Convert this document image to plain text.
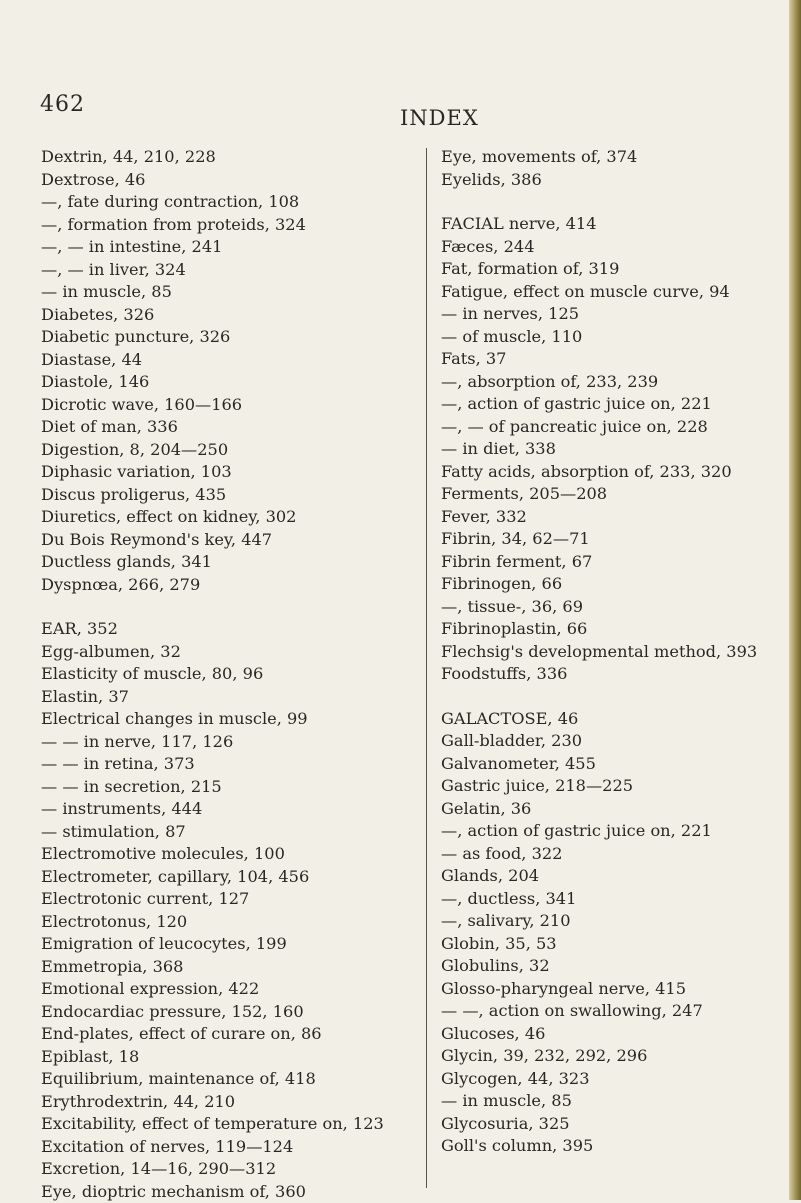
462
INDEX
Dextrin, 44, 210, 228
Dextrose, 46
—, fate during contraction, 108
—, formation from proteids, 324
—, — in intestine, 241
—, — in liver, 324
— in muscle, 85
Diabetes, 326
Diabetic puncture, 326
Diastase, 44
Diastole, 146
Dicrotic wave, 160—166
Diet of man, 336
Digestion, 8, 204—250
Diphasic variation, 103
Discus proligerus, 435
Diuretics, effect on kidney, 302
Du Bois Reymond's key, 447
Ductless glands, 341
Dyspnœa, 266, 279
EAR, 352
Egg-albumen, 32
Elasticity of muscle, 80, 96
Elastin, 37
Electrical changes in muscle, 99
— — in nerve, 117, 126
— — in retina, 373
— — in secretion, 215
— instruments, 444
— stimulation, 87
Electromotive molecules, 100
Electrometer, capillary, 104, 456
Electrotonic current, 127
Electrotonus, 120
Emigration of leucocytes, 199
Emmetropia, 368
Emotional expression, 422
Endocardiac pressure, 152, 160
End-plates, effect of curare on, 86
Epiblast, 18
Equilibrium, maintenance of, 418
Erythrodextrin, 44, 210
Excitability, effect of temperature on, 123
Excitation of nerves, 119—124
Excretion, 14—16, 290—312
Eye, dioptric mechanism of, 360
Eye, movements of, 374
Eyelids, 386
FACIAL nerve, 414
Fæces, 244
Fat, formation of, 319
Fatigue, effect on muscle curve, 94
— in nerves, 125
— of muscle, 110
Fats, 37
—, absorption of, 233, 239
—, action of gastric juice on, 221
—, — of pancreatic juice on, 228
— in diet, 338
Fatty acids, absorption of, 233, 320
Ferments, 205—208
Fever, 332
Fibrin, 34, 62—71
Fibrin ferment, 67
Fibrinogen, 66
—, tissue-, 36, 69
Fibrinoplastin, 66
Flechsig's developmental method, 393
Foodstuffs, 336
GALACTOSE, 46
Gall-bladder, 230
Galvanometer, 455
Gastric juice, 218—225
Gelatin, 36
—, action of gastric juice on, 221
— as food, 322
Glands, 204
—, ductless, 341
—, salivary, 210
Globin, 35, 53
Globulins, 32
Glosso-pharyngeal nerve, 415
— —, action on swallowing, 247
Glucoses, 46
Glycin, 39, 232, 292, 296
Glycogen, 44, 323
— in muscle, 85
Glycosuria, 325
Goll's column, 395
